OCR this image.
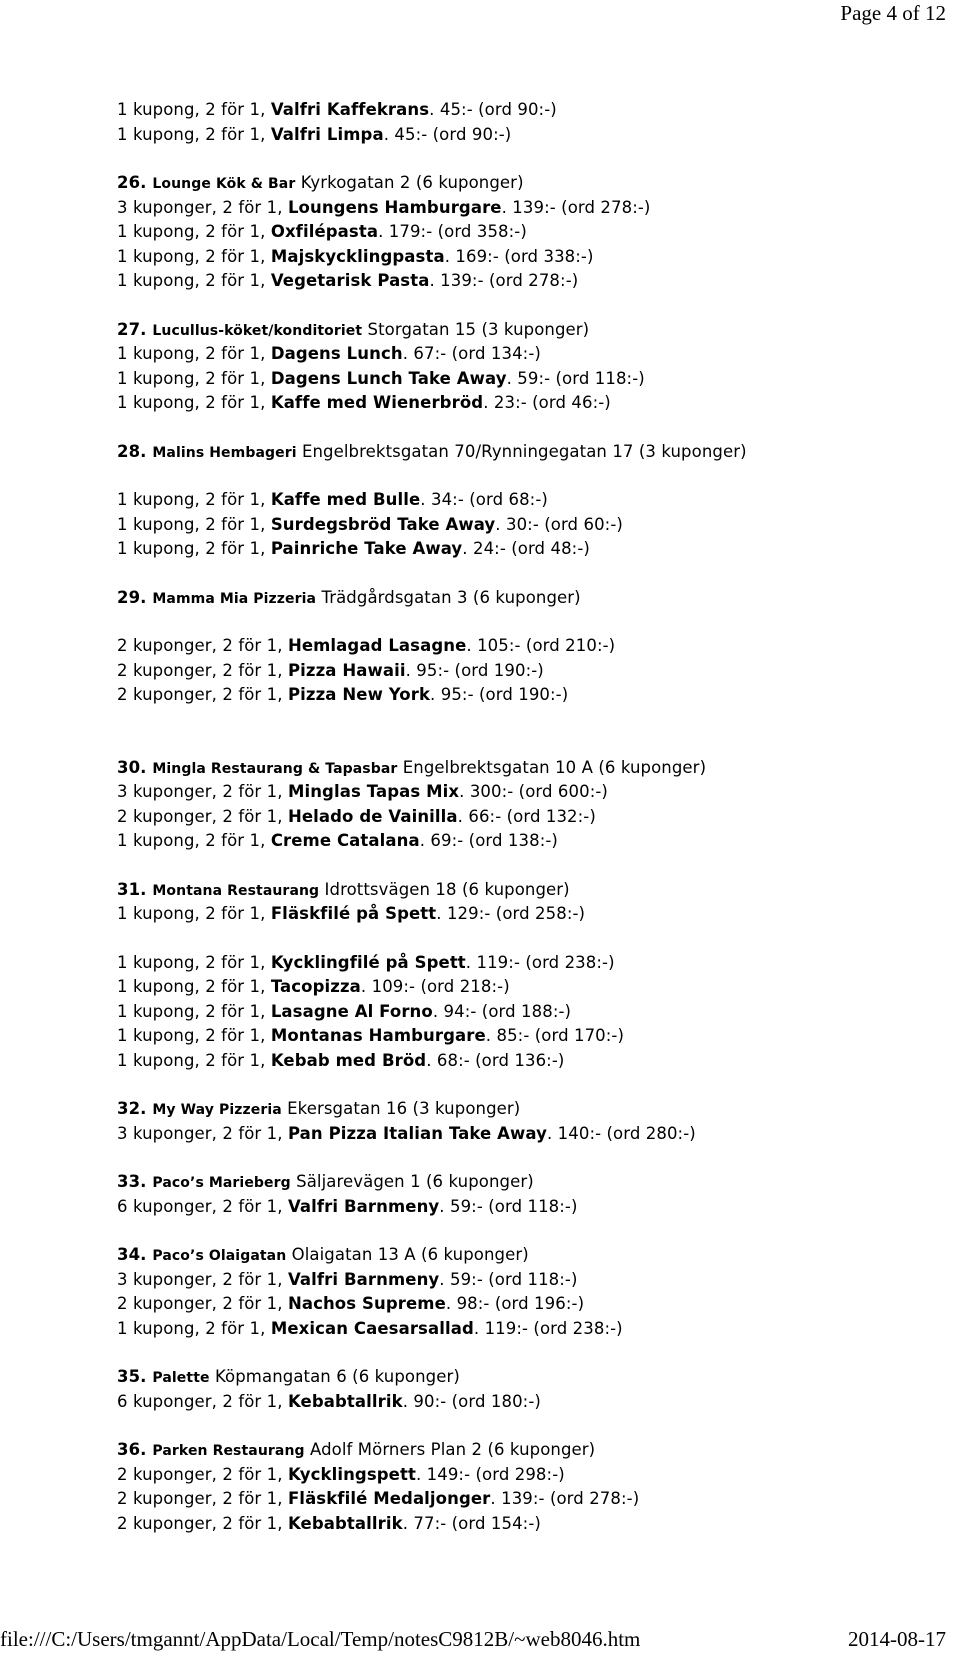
Page 4 of 12
1 kupong, 2 för 1, Valfri Kaffekrans. 45:- (ord 90:-)
1 kupong, 2 för 1, Valfri Limpa. 45:- (ord 90:-)
26. Lounge Kök & Bar Kyrkogatan 2 (6 kuponger)
3 kuponger, 2 för 1, Loungens Hamburgare. 139:- (ord 278:-)
1 kupong, 2 för 1, Oxfilépasta. 179:- (ord 358:-)
1 kupong, 2 för 1, Majskycklingpasta. 169:- (ord 338:-)
1 kupong, 2 för 1, Vegetarisk Pasta. 139:- (ord 278:-)
27. Lucullus-köket/konditoriet Storgatan 15 (3 kuponger)
1 kupong, 2 för 1, Dagens Lunch. 67:- (ord 134:-)
1 kupong, 2 för 1, Dagens Lunch Take Away. 59:- (ord 118:-)
1 kupong, 2 för 1, Kaffe med Wienerbröd. 23:- (ord 46:-)
28. Malins Hembageri Engelbrektsgatan 70/Rynningegatan 17 (3 kuponger)
1 kupong, 2 för 1, Kaffe med Bulle. 34:- (ord 68:-)
1 kupong, 2 för 1, Surdegsbröd Take Away. 30:- (ord 60:-)
1 kupong, 2 för 1, Painriche Take Away. 24:- (ord 48:-)
29. Mamma Mia Pizzeria Trädgårdsgatan 3 (6 kuponger)
2 kuponger, 2 för 1, Hemlagad Lasagne. 105:- (ord 210:-)
2 kuponger, 2 för 1, Pizza Hawaii. 95:- (ord 190:-)
2 kuponger, 2 för 1, Pizza New York. 95:- (ord 190:-)
30. Mingla Restaurang & Tapasbar Engelbrektsgatan 10 A (6 kuponger)
3 kuponger, 2 för 1, Minglas Tapas Mix. 300:- (ord 600:-)
2 kuponger, 2 för 1, Helado de Vainilla. 66:- (ord 132:-)
1 kupong, 2 för 1, Creme Catalana. 69:- (ord 138:-)
31. Montana Restaurang Idrottsvägen 18 (6 kuponger)
1 kupong, 2 för 1, Fläskfilé på Spett. 129:- (ord 258:-)
1 kupong, 2 för 1, Kycklingfilé på Spett. 119:- (ord 238:-)
1 kupong, 2 för 1, Tacopizza. 109:- (ord 218:-)
1 kupong, 2 för 1, Lasagne Al Forno. 94:- (ord 188:-)
1 kupong, 2 för 1, Montanas Hamburgare. 85:- (ord 170:-)
1 kupong, 2 för 1, Kebab med Bröd. 68:- (ord 136:-)
32. My Way Pizzeria Ekersgatan 16 (3 kuponger)
3 kuponger, 2 för 1, Pan Pizza Italian Take Away. 140:- (ord 280:-)
33. Paco’s Marieberg Säljarevägen 1 (6 kuponger)
6 kuponger, 2 för 1, Valfri Barnmeny. 59:- (ord 118:-)
34. Paco’s Olaigatan Olaigatan 13 A (6 kuponger)
3 kuponger, 2 för 1, Valfri Barnmeny. 59:- (ord 118:-)
2 kuponger, 2 för 1, Nachos Supreme. 98:- (ord 196:-)
1 kupong, 2 för 1, Mexican Caesarsallad. 119:- (ord 238:-)
35. Palette Köpmangatan 6 (6 kuponger)
6 kuponger, 2 för 1, Kebabtallrik. 90:- (ord 180:-)
36. Parken Restaurang Adolf Mörners Plan 2 (6 kuponger)
2 kuponger, 2 för 1, Kycklingspett. 149:- (ord 298:-)
2 kuponger, 2 för 1, Fläskfilé Medaljonger. 139:- (ord 278:-)
2 kuponger, 2 för 1, Kebabtallrik. 77:- (ord 154:-)
file:///C:/Users/tmgannt/AppData/Local/Temp/notesC9812B/~web8046.htm	2014-08-17
